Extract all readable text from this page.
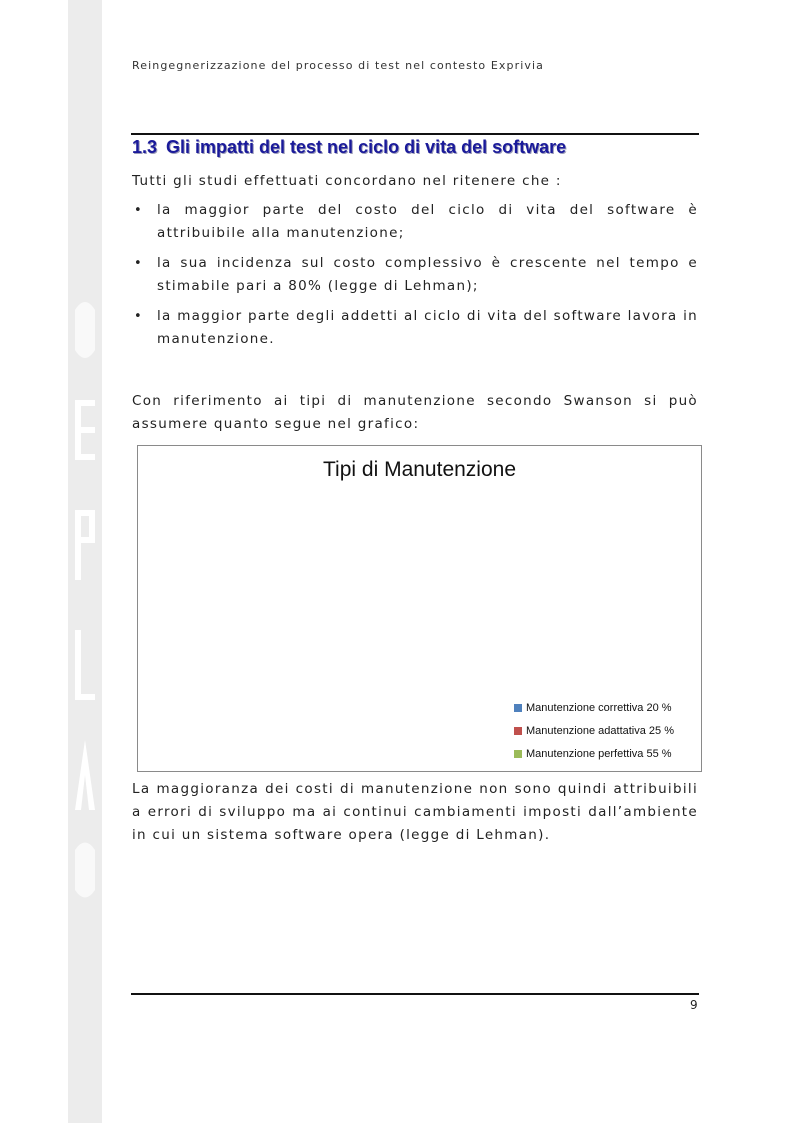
Reingegnerizzazione del processo di test nel contesto Exprivia
1.3 Gli impatti del test nel ciclo di vita del software
Tutti gli studi effettuati concordano nel ritenere che :
• la maggior parte del costo del ciclo di vita del software è attribuibile alla manutenzione;
• la sua incidenza sul costo complessivo è crescente nel tempo e stimabile pari a 80% (legge di Lehman);
• la maggior parte degli addetti al ciclo di vita del software lavora in manutenzione.
Con riferimento ai tipi di manutenzione secondo Swanson si può assumere quanto segue nel grafico:
Tipi di Manutenzione
Manutenzione correttiva 20 %
Manutenzione adattativa 25 %
Manutenzione perfettiva 55 %
La maggioranza dei costi di manutenzione non sono quindi attribuibili a errori di sviluppo ma ai continui cambiamenti imposti dall’ambiente in cui un sistema software opera (legge di Lehman).
9
